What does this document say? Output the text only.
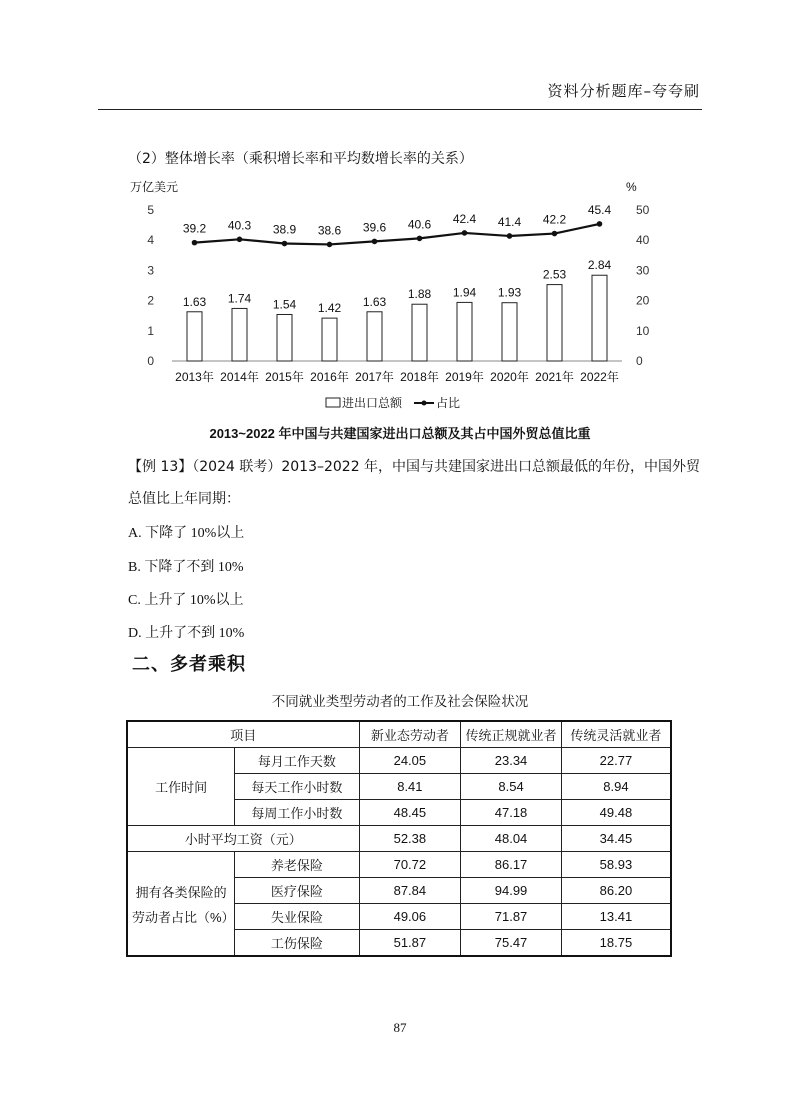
资料分析题库–夸夸刷
（2）整体增长率（乘积增长率和平均数增长率的关系）
万亿美元	%
0
1
2
3
4
5
0
10
20
30
40
50
1.63 1.74 1.54 1.42 1.63
1.88 1.94 1.93
2.53
2.84
39.2 40.3 38.9 38.6 39.6 40.6 42.4 41.4 42.2
45.4
2013年 2014年 2015年 2016年 2017年 2018年 2019年 2020年 2021年 2022年
进出口总额	占比
2013~2022 年中国与共建国家进出口总额及其占中国外贸总值比重
【例 13】（2024 联考）2013–2022 年，中国与共建国家进出口总额最低的年份，中国外贸
总值比上年同期：
A. 下降了 10%以上
B. 下降了不到 10%
C. 上升了 10%以上
D. 上升了不到 10%
二、多者乘积
不同就业类型劳动者的工作及社会保险状况
项目		新业态劳动者	传统正规就业者	传统灵活就业者
工作时间	每月工作天数	24.05	23.34	22.77
	每天工作小时数	8.41	8.54	8.94
	每周工作小时数	48.45	47.18	49.48
小时平均工资（元）		52.38	48.04	34.45

拥有各类保险的
劳动者占比（%）	养老保险	70.72	86.17	58.93
	医疗保险	87.84	94.99	86.20
	失业保险	49.06	71.87	13.41
	工伤保险	51.87	75.47	18.75
87
